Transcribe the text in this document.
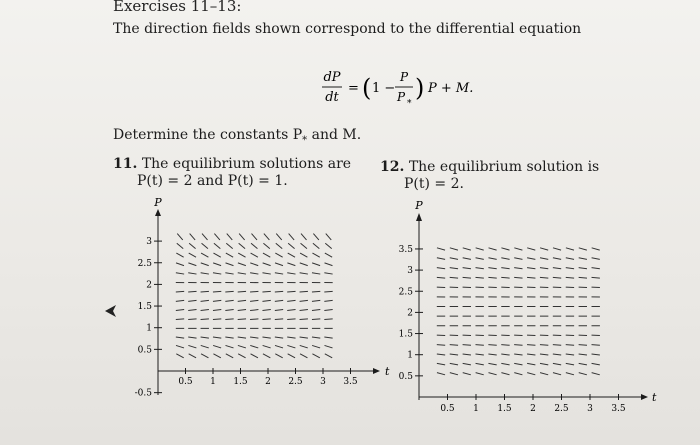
Exercises 11–13:
The direction fields shown correspond to the differential equation
dP
dt
= ( 1 −
P
P *
) P + M.
Determine the constants $P_*$ and M.
11. The equilibrium solutions are
P(t) = 2 and P(t) = 1.
12. The equilibrium solution is
P(t) = 2.
P
t
0.5 1 1.5 2 2.5 3 3.5
3
2.5
2
1.5
1
0.5
-0.5
P
t
0.5 1 1.5 2 2.5 3 3.5
3.5
3
2.5
2
1.5
1
0.5
